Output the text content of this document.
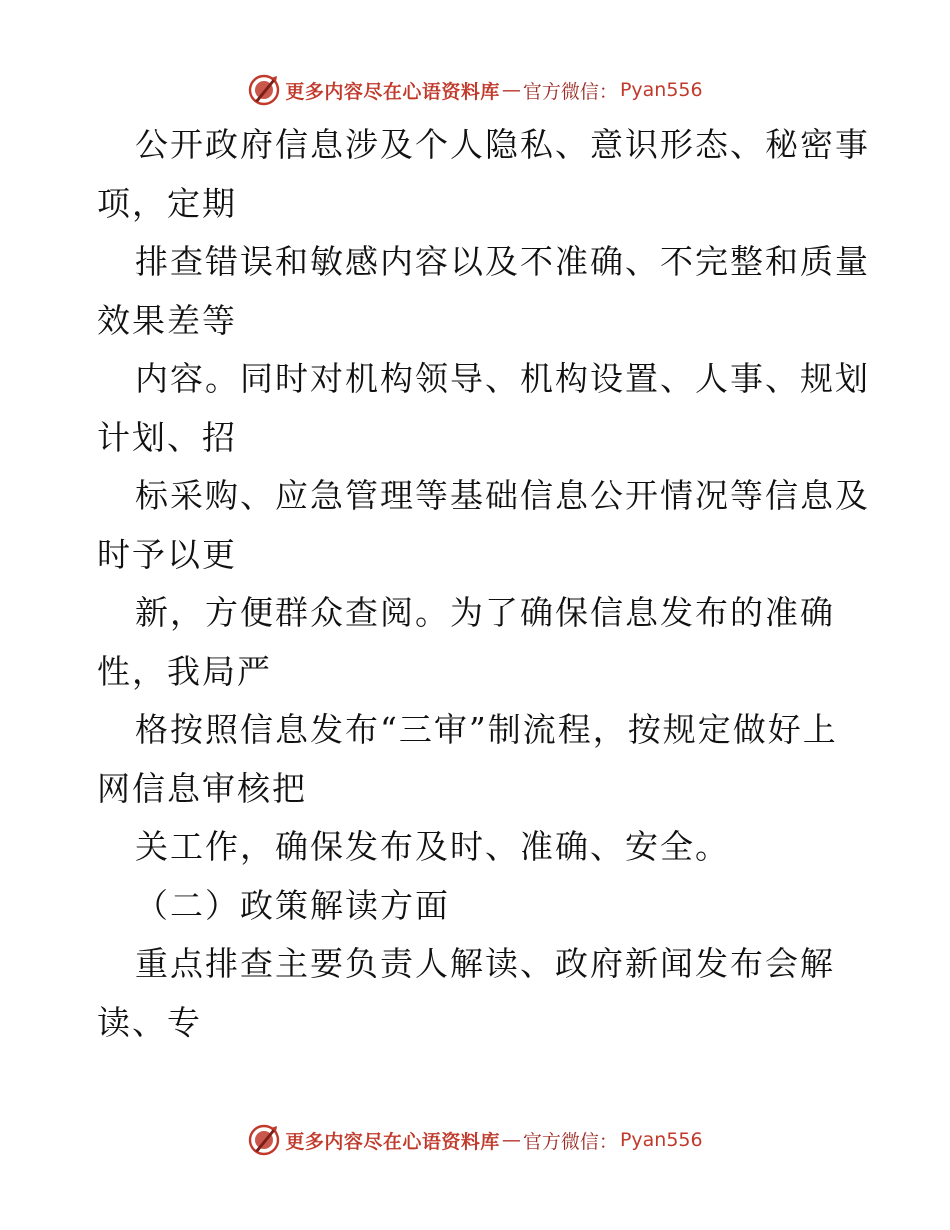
更多内容尽在心语资料库 — 官方微信： Pyan556
公开政府信息涉及个人隐私、意识形态、秘密事
项，定期
排查错误和敏感内容以及不准确、不完整和质量
效果差等
内容。同时对机构领导、机构设置、人事、规划
计划、招
标采购、应急管理等基础信息公开情况等信息及
时予以更
新，方便群众查阅。为了确保信息发布的准确
性，我局严
格按照信息发布“三审”制流程，按规定做好上
网信息审核把
关工作，确保发布及时、准确、安全。
（二）政策解读方面
重点排查主要负责人解读、政府新闻发布会解
读、专
更多内容尽在心语资料库 — 官方微信： Pyan556
